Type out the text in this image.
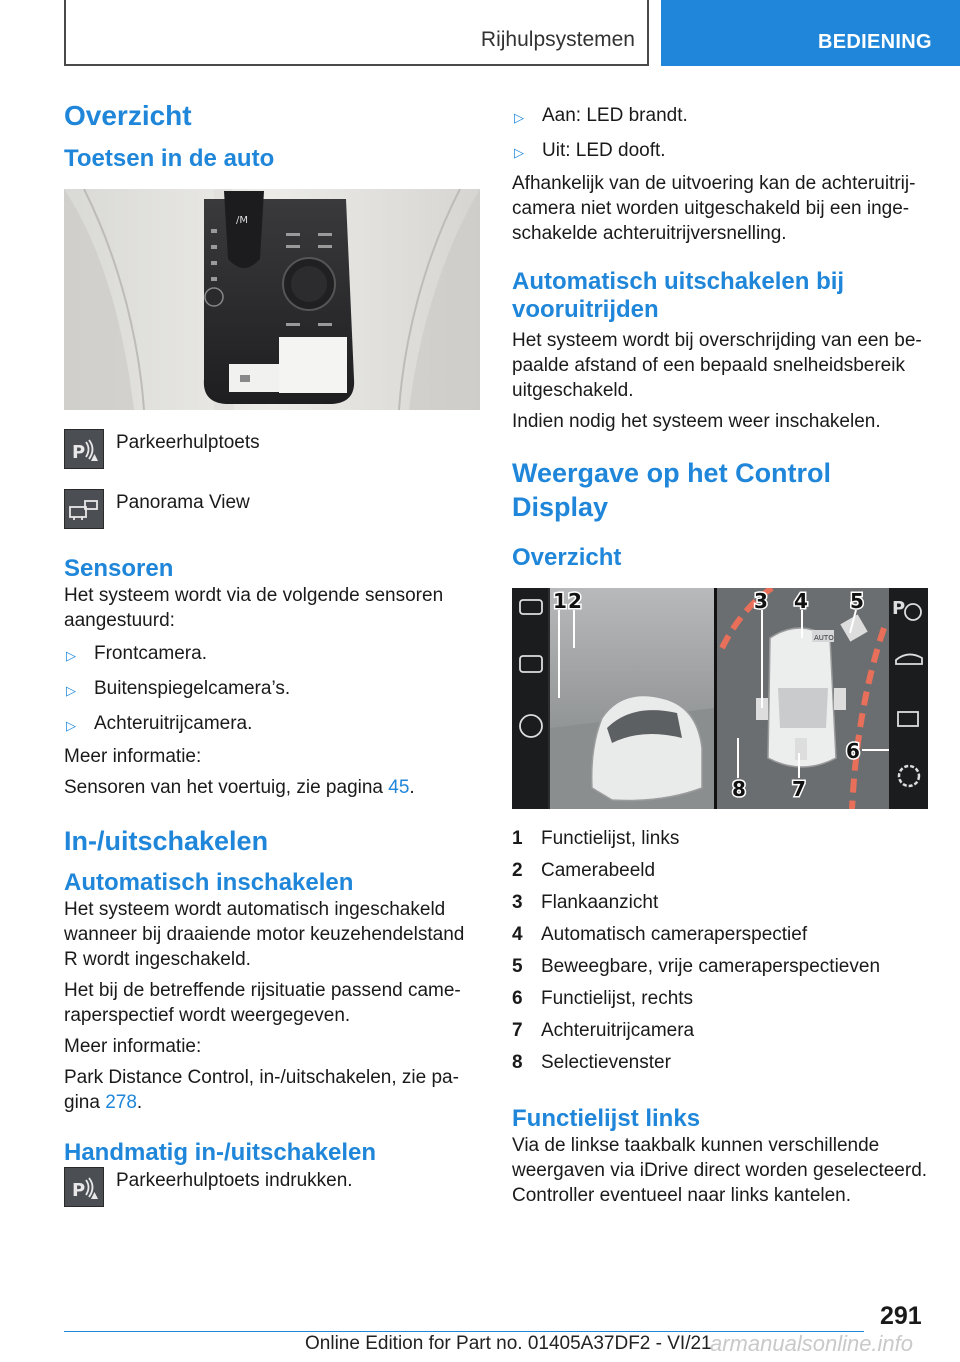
Rijhulpsystemen	BEDIENING
Overzicht
Toetsen in de auto
/M
P Parkeerhulptoets
Panorama View
Sensoren

Het systeem wordt via de volgende sensoren aangestuurd:

▷ Frontcamera.
▷ Buitenspiegelcamera’s.
▷ Achteruitrijcamera.

Meer informatie:

Sensoren van het voertuig, zie pagina 45.

In-/uitschakelen
Automatisch inschakelen

Het systeem wordt automatisch ingeschakeld wanneer bij draaiende motor keuzehendelstand R wordt ingeschakeld.

Het bij de betreffende rijsituatie passend came-raperspectief wordt weergegeven.

Meer informatie:

Park Distance Control, in-/uitschakelen, zie pa-gina 278.

Handmatig in-/uitschakelen
P Parkeerhulptoets indrukken.
▷ Aan: LED brandt.
▷ Uit: LED dooft.

Afhankelijk van de uitvoering kan de achteruitrij-camera niet worden uitgeschakeld bij een inge-schakelde achteruitrijversnelling.

Automatisch uitschakelen bij vooruitrijden

Het systeem wordt bij overschrijding van een be-paalde afstand of een bepaald snelheidsbereik uitgeschakeld.

Indien nodig het systeem weer inschakelen.

Weergave op het Control Display
Overzicht
AUTO
P
1 2	3 4 5
6
7
8
1 Functielijst, links
2 Camerabeeld
3 Flankaanzicht
4 Automatisch cameraperspectief
5 Beweegbare, vrije cameraperspectieven
6 Functielijst, rechts
7 Achteruitrijcamera
8 Selectievenster
Functielijst links

Via de linkse taakbalk kunnen verschillende weergaven via iDrive direct worden geselecteerd. Controller eventueel naar links kantelen.

291
Online Edition for Part no. 01405A37DF2 - VI/21
armanualsonline.info
